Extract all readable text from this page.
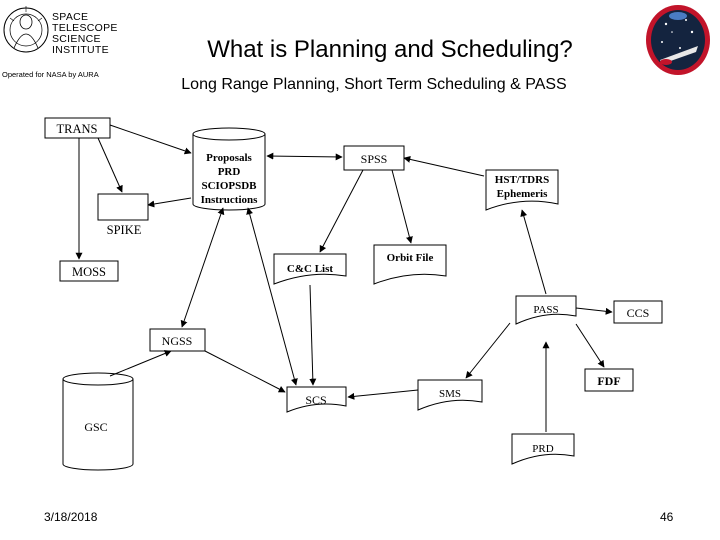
SPACE
TELESCOPE
SCIENCE
INSTITUTE
Operated for NASA by AURA
What is Planning and Scheduling?
Long Range Planning, Short Term Scheduling & PASS
TRANS
Proposals
PRD
SCIOPSDB
Instructions
SPSS
HST/TDRS
Ephemeris
SPIKE
MOSS	C&C List
Orbit File
PASS	CCS
NGSS
FDF
SCS	SMS
GSC
PRD
3/18/2018	46
